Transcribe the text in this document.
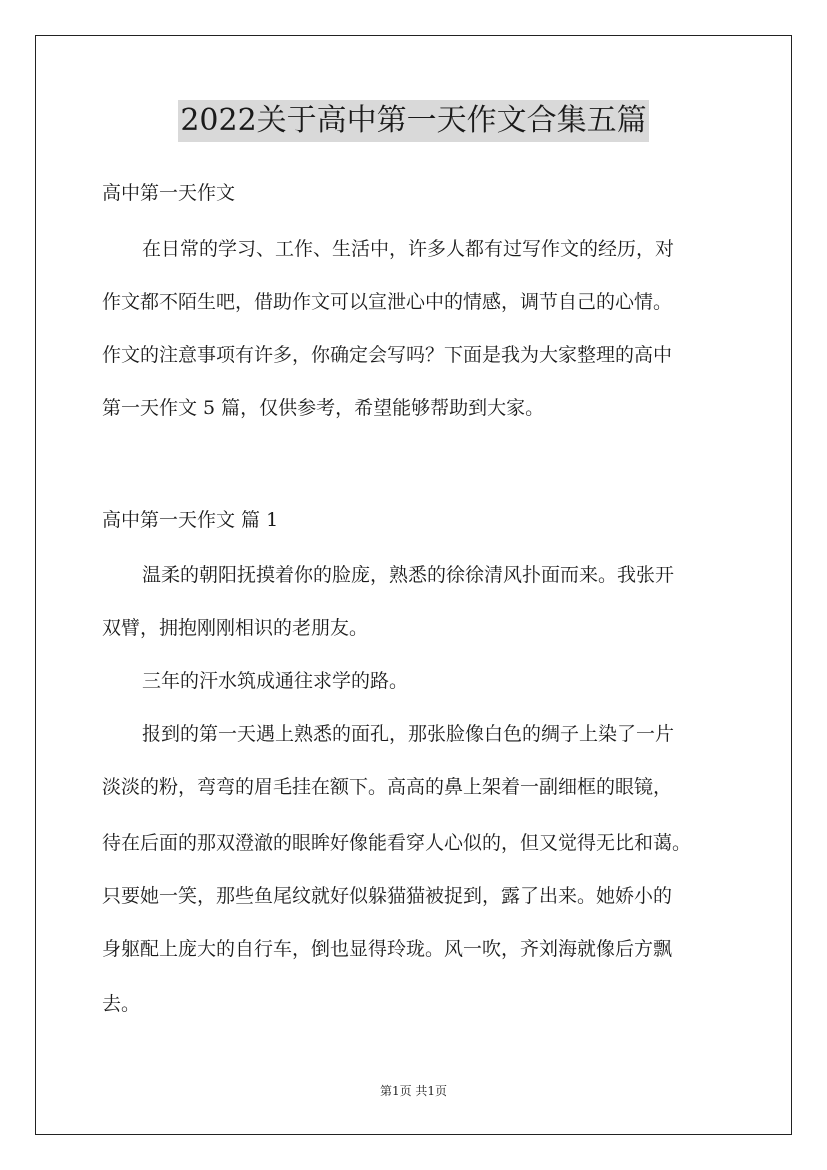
2022关于高中第一天作文合集五篇
高中第一天作文
在日常的学习、工作、生活中，许多人都有过写作文的经历，对
作文都不陌生吧，借助作文可以宣泄心中的情感，调节自己的心情。
作文的注意事项有许多，你确定会写吗？下面是我为大家整理的高中
第一天作文 5 篇，仅供参考，希望能够帮助到大家。
高中第一天作文 篇 1
温柔的朝阳抚摸着你的脸庞，熟悉的徐徐清风扑面而来。我张开
双臂，拥抱刚刚相识的老朋友。
三年的汗水筑成通往求学的路。
报到的第一天遇上熟悉的面孔，那张脸像白色的绸子上染了一片
淡淡的粉，弯弯的眉毛挂在额下。高高的鼻上架着一副细框的眼镜，
待在后面的那双澄澈的眼眸好像能看穿人心似的，但又觉得无比和蔼。
只要她一笑，那些鱼尾纹就好似躲猫猫被捉到，露了出来。她娇小的
身躯配上庞大的自行车，倒也显得玲珑。风一吹，齐刘海就像后方飘
去。
第1页 共1页
